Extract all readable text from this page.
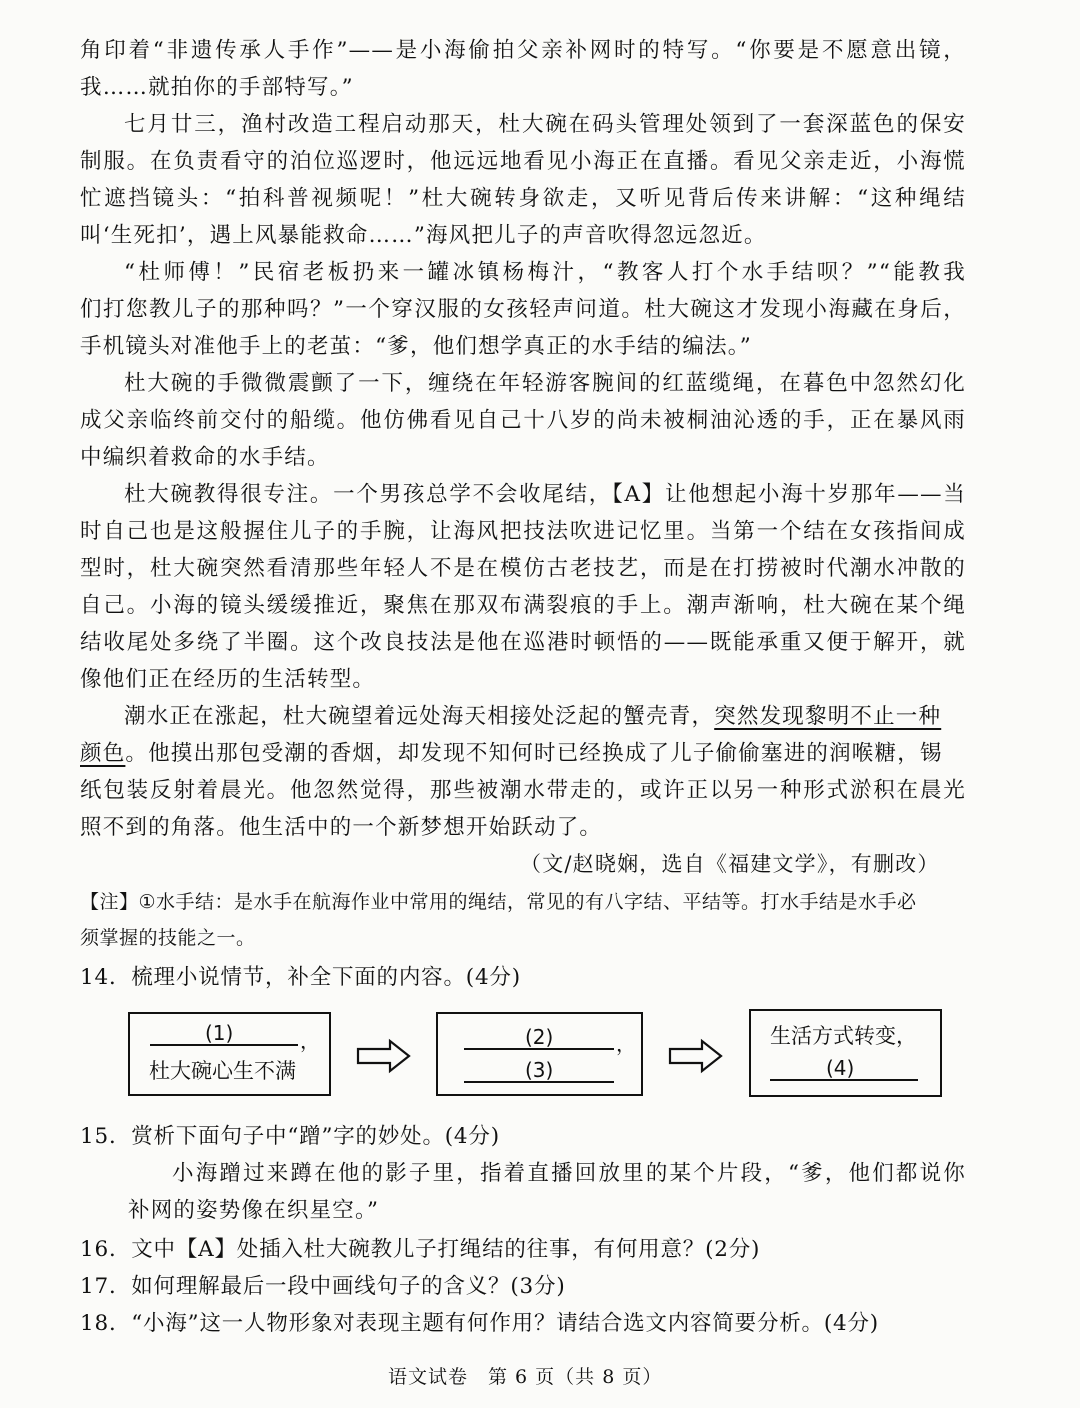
角印着“非遗传承人手作”——是小海偷拍父亲补网时的特写。“你要是不愿意出镜，
我……就拍你的手部特写。”
七月廿三，渔村改造工程启动那天，杜大碗在码头管理处领到了一套深蓝色的保安
制服。在负责看守的泊位巡逻时，他远远地看见小海正在直播。看见父亲走近，小海慌
忙遮挡镜头：“拍科普视频呢！”杜大碗转身欲走，又听见背后传来讲解：“这种绳结
叫‘生死扣’，遇上风暴能救命……”海风把儿子的声音吹得忽远忽近。
“杜师傅！”民宿老板扔来一罐冰镇杨梅汁，“教客人打个水手结呗？”“能教我
们打您教儿子的那种吗？”一个穿汉服的女孩轻声问道。杜大碗这才发现小海藏在身后，
手机镜头对准他手上的老茧：“爹，他们想学真正的水手结的编法。”
杜大碗的手微微震颤了一下，缠绕在年轻游客腕间的红蓝缆绳，在暮色中忽然幻化
成父亲临终前交付的船缆。他仿佛看见自己十八岁的尚未被桐油沁透的手，正在暴风雨
中编织着救命的水手结。
杜大碗教得很专注。一个男孩总学不会收尾结，【A】让他想起小海十岁那年——当
时自己也是这般握住儿子的手腕，让海风把技法吹进记忆里。当第一个结在女孩指间成
型时，杜大碗突然看清那些年轻人不是在模仿古老技艺，而是在打捞被时代潮水冲散的
自己。小海的镜头缓缓推近，聚焦在那双布满裂痕的手上。潮声渐响，杜大碗在某个绳
结收尾处多绕了半圈。这个改良技法是他在巡港时顿悟的——既能承重又便于解开，就
像他们正在经历的生活转型。
潮水正在涨起，杜大碗望着远处海天相接处泛起的蟹壳青，突然发现黎明不止一种
颜色。他摸出那包受潮的香烟，却发现不知何时已经换成了儿子偷偷塞进的润喉糖，锡
纸包装反射着晨光。他忽然觉得，那些被潮水带走的，或许正以另一种形式淤积在晨光
照不到的角落。他生活中的一个新梦想开始跃动了。
（文/赵晓娴，选自《福建文学》，有删改）
【注】①水手结：是水手在航海作业中常用的绳结，常见的有八字结、平结等。打水手结是水手必
须掌握的技能之一。
14．梳理小说情节，补全下面的内容。(4分)
(1)	，
杜大碗心生不满
(2)	，
(3)
生活方式转变，
(4)
15．赏析下面句子中“蹭”字的妙处。(4分)
小海蹭过来蹲在他的影子里，指着直播回放里的某个片段，“爹，他们都说你
补网的姿势像在织星空。”
16．文中【A】处插入杜大碗教儿子打绳结的往事，有何用意？(2分)
17．如何理解最后一段中画线句子的含义？(3分)
18．“小海”这一人物形象对表现主题有何作用？请结合选文内容简要分析。(4分)
语文试卷　第 6 页（共 8 页）
